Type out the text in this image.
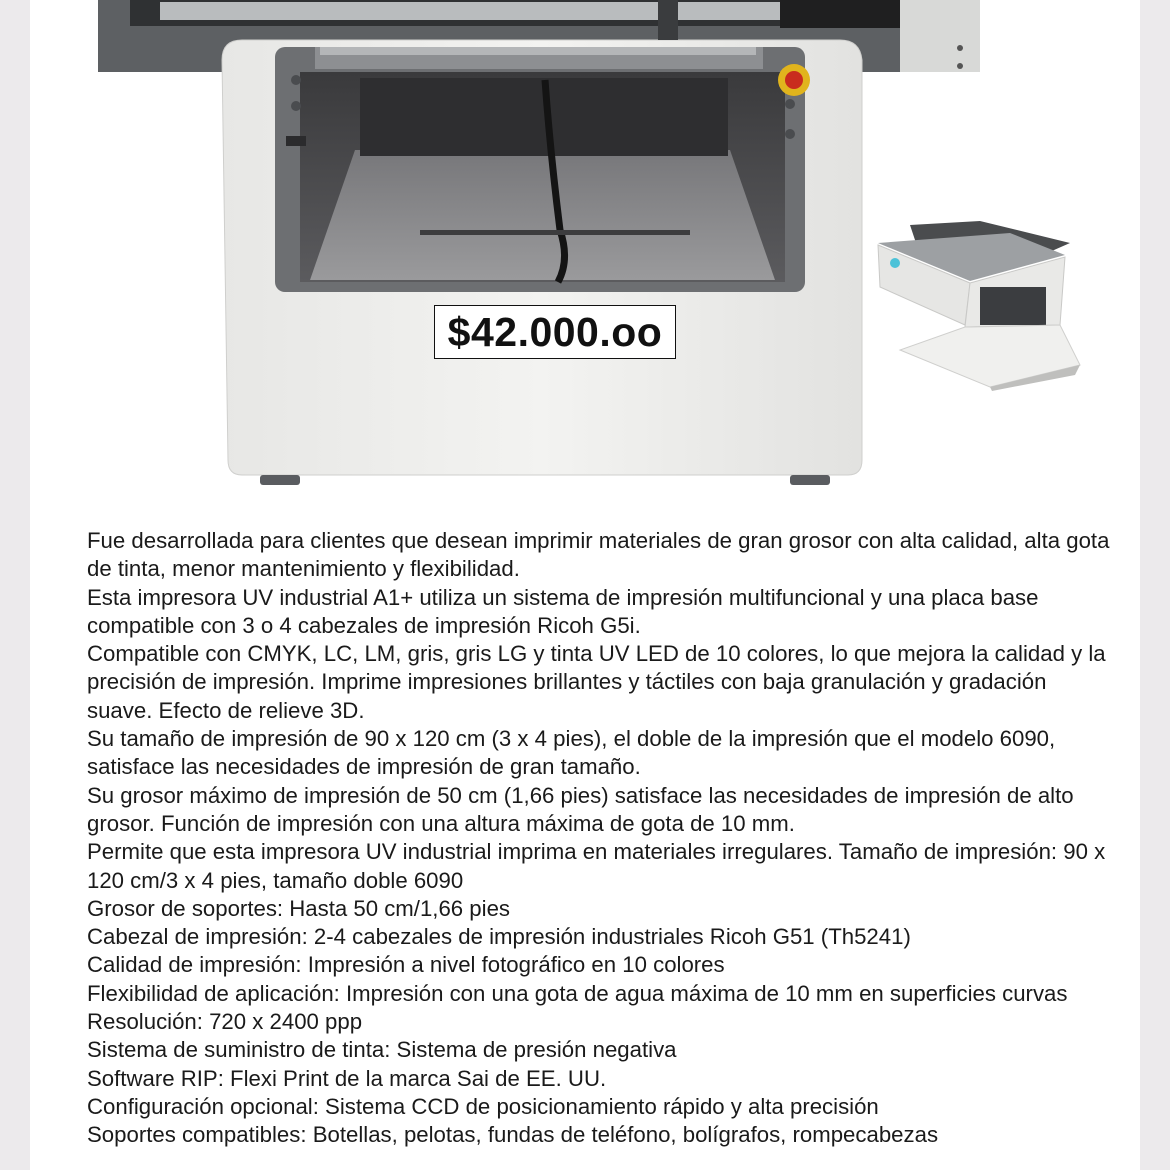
$42.000.oo

Fue desarrollada para clientes que desean imprimir materiales de gran grosor con alta calidad, alta gota de tinta, menor mantenimiento y flexibilidad.

Esta impresora UV industrial A1+ utiliza un sistema de impresión multifuncional y una placa base compatible con 3 o 4 cabezales de impresión Ricoh G5i.

Compatible con CMYK, LC, LM, gris, gris LG y tinta UV LED de 10 colores, lo que mejora la calidad y la precisión de impresión. Imprime impresiones brillantes y táctiles con baja granulación y gradación suave. Efecto de relieve 3D.

Su tamaño de impresión de 90 x 120 cm (3 x 4 pies), el doble de la impresión que el modelo 6090, satisface las necesidades de impresión de gran tamaño.

Su grosor máximo de impresión de 50 cm (1,66 pies) satisface las necesidades de impresión de alto grosor. Función de impresión con una altura máxima de gota de 10 mm.

Permite que esta impresora UV industrial imprima en materiales irregulares. Tamaño de impresión: 90 x 120 cm/3 x 4 pies, tamaño doble 6090

Grosor de soportes: Hasta 50 cm/1,66 pies

Cabezal de impresión: 2-4 cabezales de impresión industriales Ricoh G51 (Th5241)

Calidad de impresión: Impresión a nivel fotográfico en 10 colores

Flexibilidad de aplicación: Impresión con una gota de agua máxima de 10 mm en superficies curvas

Resolución: 720 x 2400 ppp

Sistema de suministro de tinta: Sistema de presión negativa

Software RIP: Flexi Print de la marca Sai de EE. UU.

Configuración opcional: Sistema CCD de posicionamiento rápido y alta precisión

Soportes compatibles: Botellas, pelotas, fundas de teléfono, bolígrafos, rompecabezas
